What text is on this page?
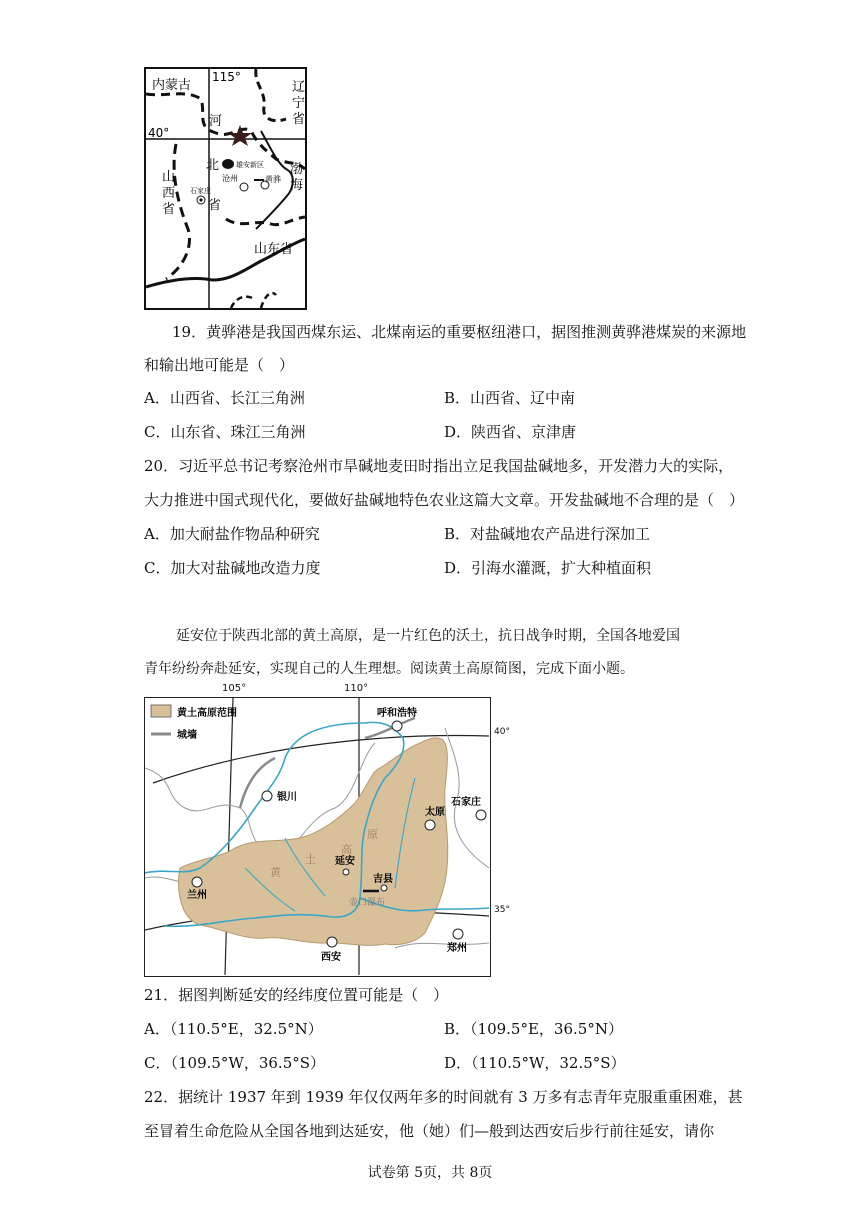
内蒙古
115°
40°
河
北 雄安新区
沧州	黄骅
石家庄
省
山东省
辽宁省
渤海
山西省
19．黄骅港是我国西煤东运、北煤南运的重要枢纽港口，据图推测黄骅港煤炭的来源地
和输出地可能是（　）
A．山西省、长江三角洲	B．山西省、辽中南
C．山东省、珠江三角洲	D．陕西省、京津唐
20．习近平总书记考察沧州市旱碱地麦田时指出立足我国盐碱地多，开发潜力大的实际，
大力推进中国式现代化，要做好盐碱地特色农业这篇大文章。开发盐碱地不合理的是（　）
A．加大耐盐作物品种研究	B．对盐碱地农产品进行深加工
C．加大对盐碱地改造力度	D．引海水灌溉，扩大种植面积
延安位于陕西北部的黄土高原，是一片红色的沃土，抗日战争时期，全国各地爱国
青年纷纷奔赴延安，实现自己的人生理想。阅读黄土高原简图，完成下面小题。
105°	110°
黄土高原范围
城墙
呼和浩特
银川
太原
石家庄
延安
吉县
壶口瀑布
兰州
西安
郑州
黄
土
高
原
40°
35°
21．据图判断延安的经纬度位置可能是（　）
A．（110.5°E，32.5°N）	B．（109.5°E，36.5°N）
C．（109.5°W，36.5°S）	D．（110.5°W，32.5°S）
22．据统计 1937 年到 1939 年仅仅两年多的时间就有 3 万多有志青年克服重重困难，甚
至冒着生命危险从全国各地到达延安，他（她）们—般到达西安后步行前往延安，请你
试卷第 5页，共 8页
